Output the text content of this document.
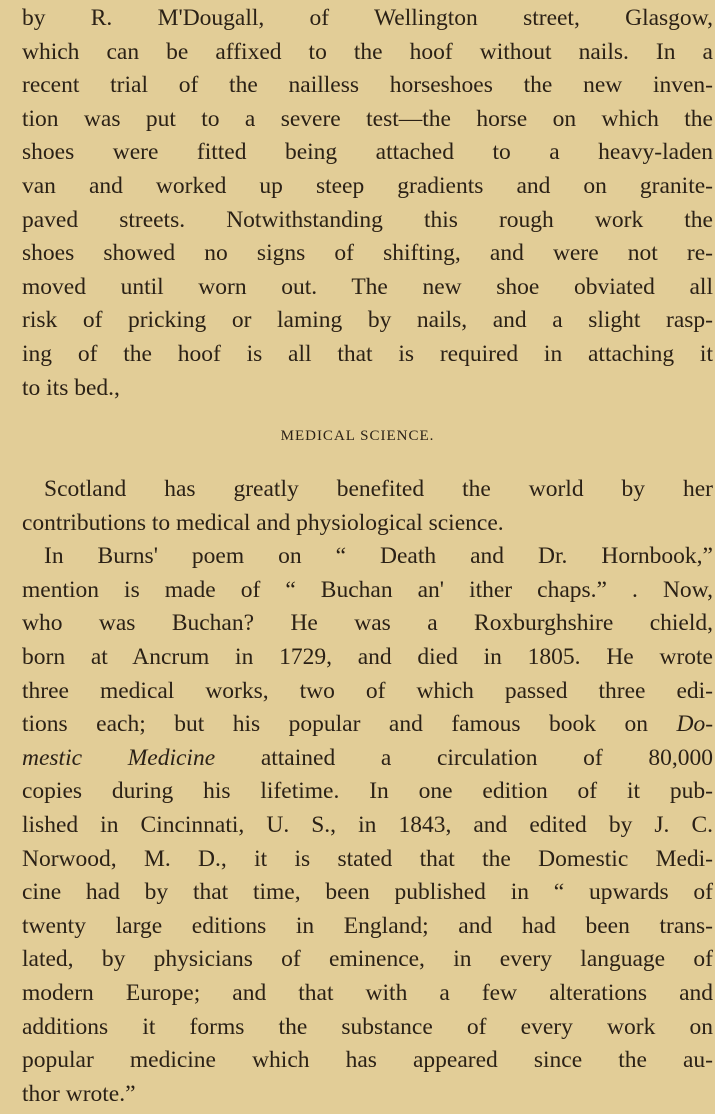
by R. M'Dougall, of Wellington street, Glasgow,
which can be affixed to the hoof without nails. In a
recent trial of the nailless horseshoes the new inven-
tion was put to a severe test—the horse on which the
shoes were fitted being attached to a heavy-laden
van and worked up steep gradients and on granite-
paved streets. Notwithstanding this rough work the
shoes showed no signs of shifting, and were not re-
moved until worn out. The new shoe obviated all
risk of pricking or laming by nails, and a slight rasp-
ing of the hoof is all that is required in attaching it
to its bed.,
MEDICAL SCIENCE.
Scotland has greatly benefited the world by her
contributions to medical and physiological science.
In Burns' poem on “ Death and Dr. Hornbook,”
mention is made of “ Buchan an' ither chaps.” . Now,
who was Buchan? He was a Roxburghshire chield,
born at Ancrum in 1729, and died in 1805. He wrote
three medical works, two of which passed three edi-
tions each; but his popular and famous book on Do-
mestic Medicine attained a circulation of 80,000
copies during his lifetime. In one edition of it pub-
lished in Cincinnati, U. S., in 1843, and edited by J. C.
Norwood, M. D., it is stated that the Domestic Medi-
cine had by that time, been published in “ upwards of
twenty large editions in England; and had been trans-
lated, by physicians of eminence, in every language of
modern Europe; and that with a few alterations and
additions it forms the substance of every work on
popular medicine which has appeared since the au-
thor wrote.”
